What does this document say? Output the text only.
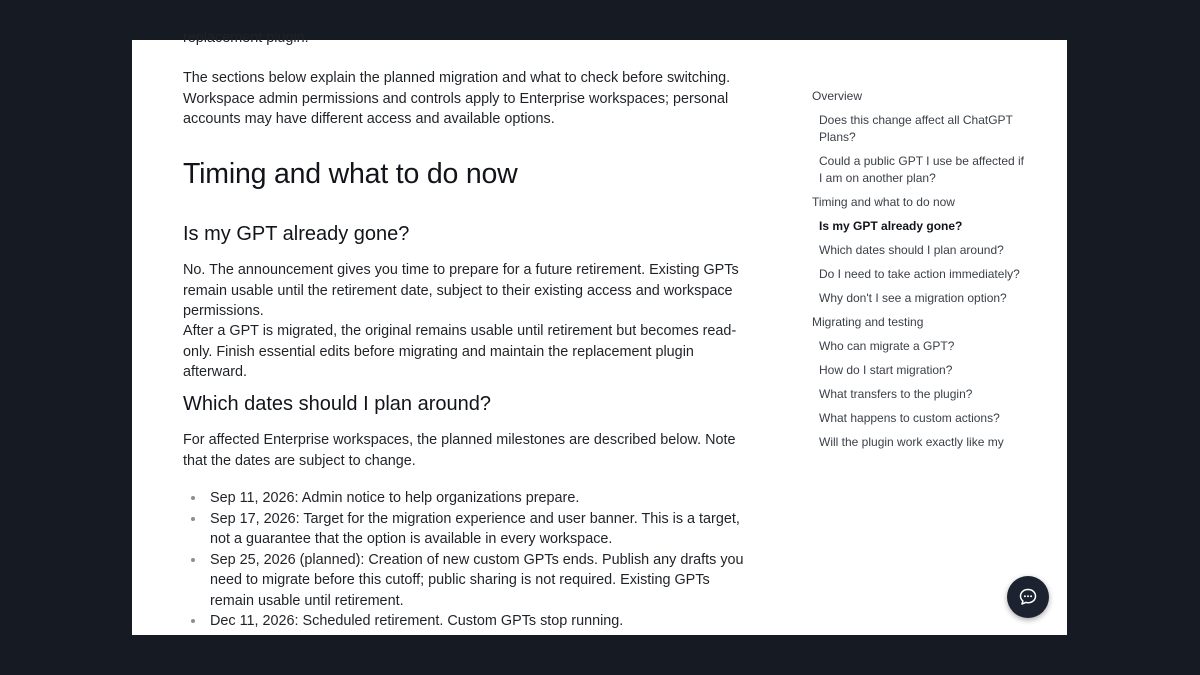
replacement plugin.

The sections below explain the planned migration and what to check before switching. Workspace admin permissions and controls apply to Enterprise workspaces; personal accounts may have different access and available options.

Timing and what to do now
Is my GPT already gone?

No. The announcement gives you time to prepare for a future retirement. Existing GPTs remain usable until the retirement date, subject to their existing access and workspace permissions.

After a GPT is migrated, the original remains usable until retirement but becomes read-only. Finish essential edits before migrating and maintain the replacement plugin afterward.

Which dates should I plan around?

For affected Enterprise workspaces, the planned milestones are described below. Note that the dates are subject to change.

Sep 11, 2026: Admin notice to help organizations prepare.
Sep 17, 2026: Target for the migration experience and user banner. This is a target, not a guarantee that the option is available in every workspace.
Sep 25, 2026 (planned): Creation of new custom GPTs ends. Publish any drafts you need to migrate before this cutoff; public sharing is not required. Existing GPTs remain usable until retirement.
Dec 11, 2026: Scheduled retirement. Custom GPTs stop running.
Overview
Does this change affect all ChatGPT Plans?
Could a public GPT I use be affected if I am on another plan?
Timing and what to do now
Is my GPT already gone?
Which dates should I plan around?
Do I need to take action immediately?
Why don't I see a migration option?
Migrating and testing
Who can migrate a GPT?
How do I start migration?
What transfers to the plugin?
What happens to custom actions?
Will the plugin work exactly like my
